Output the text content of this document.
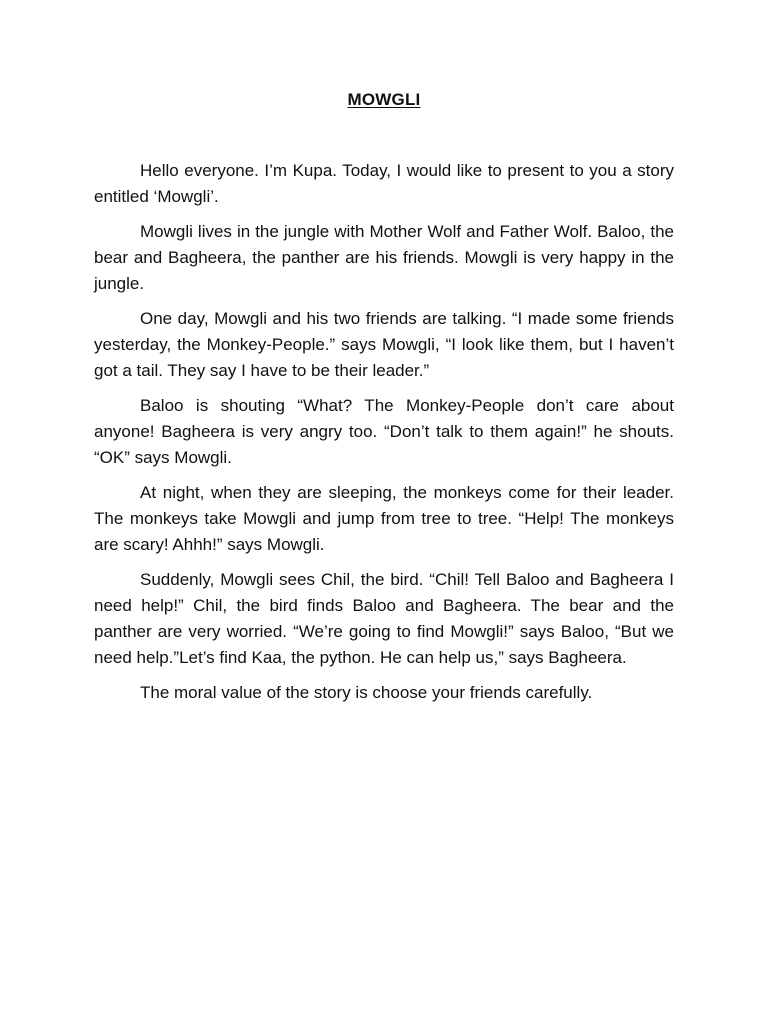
MOWGLI

Hello everyone. I’m Kupa. Today, I would like to present to you a story entitled ‘Mowgli’.

Mowgli lives in the jungle with Mother Wolf and Father Wolf. Baloo, the bear and Bagheera, the panther are his friends. Mowgli is very happy in the jungle.

One day, Mowgli and his two friends are talking. “I made some friends yesterday, the Monkey-People.” says Mowgli, “I look like them, but I haven’t got a tail. They say I have to be their leader.”

Baloo is shouting “What? The Monkey-People don’t care about anyone! Bagheera is very angry too. “Don’t talk to them again!” he shouts. “OK” says Mowgli.

At night, when they are sleeping, the monkeys come for their leader. The monkeys take Mowgli and jump from tree to tree. “Help! The monkeys are scary! Ahhh!” says Mowgli.

Suddenly, Mowgli sees Chil, the bird. “Chil! Tell Baloo and Bagheera I need help!” Chil, the bird finds Baloo and Bagheera. The bear and the panther are very worried. “We’re going to find Mowgli!” says Baloo, “But we need help.”Let’s find Kaa, the python. He can help us,” says Bagheera.

The moral value of the story is choose your friends carefully.
